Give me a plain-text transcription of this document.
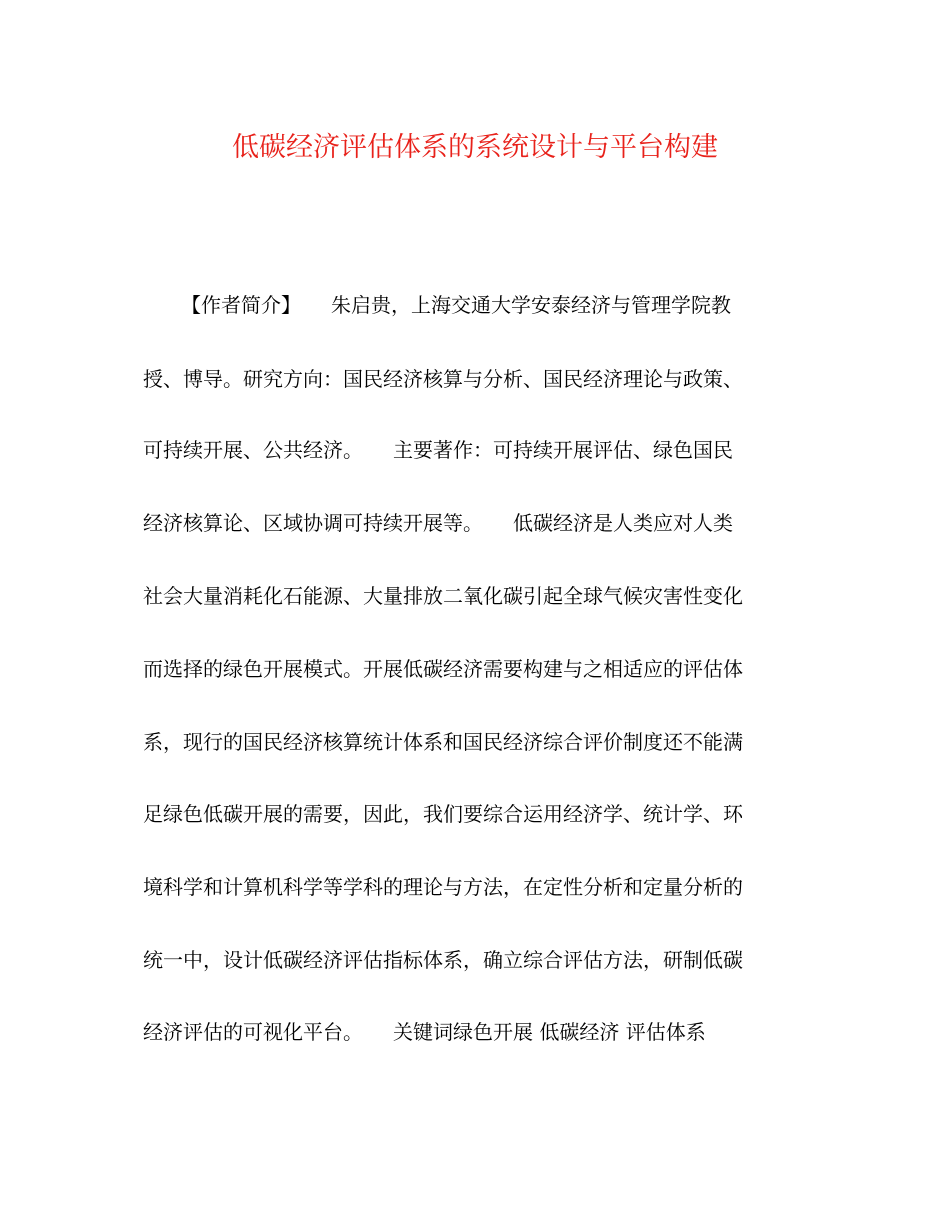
低碳经济评估体系的系统设计与平台构建

【作者简介】　　朱启贵，上海交通大学安泰经济与管理学院教

授、博导。研究方向：国民经济核算与分析、国民经济理论与政策、

可持续开展、公共经济。　　主要著作：可持续开展评估、绿色国民

经济核算论、区域协调可持续开展等。　　低碳经济是人类应对人类

社会大量消耗化石能源、大量排放二氧化碳引起全球气候灾害性变化

而选择的绿色开展模式。开展低碳经济需要构建与之相适应的评估体

系，现行的国民经济核算统计体系和国民经济综合评价制度还不能满

足绿色低碳开展的需要，因此，我们要综合运用经济学、统计学、环

境科学和计算机科学等学科的理论与方法，在定性分析和定量分析的

统一中，设计低碳经济评估指标体系，确立综合评估方法，研制低碳

经济评估的可视化平台。　　关键词绿色开展 低碳经济 评估体系
